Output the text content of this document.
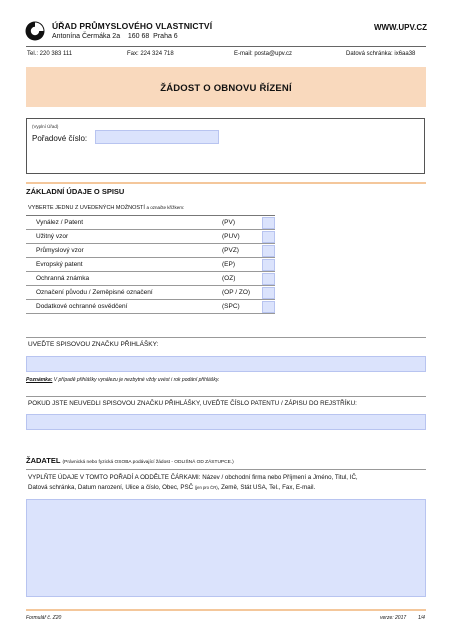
ÚŘAD PRŮMYSLOVÉHO VLASTNICTVÍ
Antonína Čermáka 2a    160 68  Praha 6
WWW.UPV.CZ
Tel.: 220 383 111	Fax: 224 324 718	E-mail: posta@upv.cz	Datová schránka: ix6aa38
ŽÁDOST O OBNOVU ŘÍZENÍ
(Vyplní Úřad)
Pořadové číslo:
ZÁKLADNÍ ÚDAJE O SPISU
VYBERTE JEDNU Z UVEDENÝCH MOŽNOSTÍ a označte křížkem:
Vynález / Patent	(PV)
Užitný vzor	(PUV)
Průmyslový vzor	(PVZ)
Evropský patent	(EP)
Ochranná známka	(OZ)
Označení původu / Zeměpisné označení	(OP / ZO)
Dodatkové ochranné osvědčení	(SPC)
UVEĎTE SPISOVOU ZNAČKU PŘIHLÁŠKY:
Poznámka: V případě přihlášky vynálezu je nezbytné vždy uvést i rok podání přihlášky.
POKUD JSTE NEUVEDLI SPISOVOU ZNAČKU PŘIHLÁŠKY, UVEĎTE ČÍSLO PATENTU / ZÁPISU DO REJSTŘÍKU:
ŽADATEL (Právnická nebo fyzická OSOBA podávající žádost - ODLIŠNÁ OD ZÁSTUPCE.)
VYPLŇTE ÚDAJE V TOMTO POŘADÍ A ODDĚLTE ČÁRKAMI: Název / obchodní firma nebo Příjmení a Jméno, Titul, IČ,
Datová schránka, Datum narození, Ulice a číslo, Obec, PSČ (jen pro ČR), Země, Stát USA, Tel., Fax, E-mail.
Formulář č. Z20	verze: 2017 1/4
